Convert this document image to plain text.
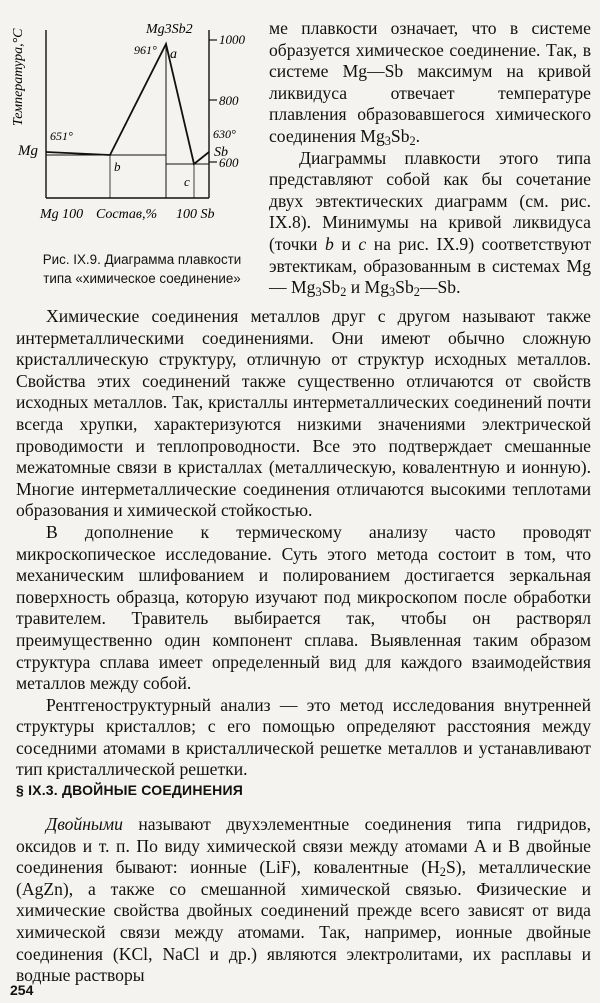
Температура,°С	1000
800
600
Mg3Sb2
961° a
b
c
651°
Mg
630°
Sb
Mg 100 Состав,% 100 Sb

Рис. IX.9. Диаграмма плавкости

типа «химическое соединение»

ме плавкости означает, что в системе образуется химическое соединение. Так, в системе Mg—Sb максимум на кривой ликвидуса отвечает температуре плавления образовавшегося химического соединения $Mg_3Sb_2$.

Диаграммы плавкости этого типа представляют собой как бы сочетание двух эвтектических диаграмм (см. рис. IX.8). Минимумы на кривой ликвидуса (точки b и c на рис. IX.9) соответствуют эвтектикам, образованным в системах Mg — $Mg_3Sb_2$ и $Mg_3Sb_2—Sb$.

Химические соединения металлов друг с другом называют также интерметаллическими соединениями. Они имеют обычно сложную кристаллическую структуру, отличную от структур исходных металлов. Свойства этих соединений также существенно отличаются от свойств исходных металлов. Так, кристаллы интерметаллических соединений почти всегда хрупки, характеризуются низкими значениями электрической проводимости и теплопроводности. Все это подтверждает смешанные межатомные связи в кристаллах (металлическую, ковалентную и ионную). Многие интерметаллические соединения отличаются высокими теплотами образования и химической стойкостью.

В дополнение к термическому анализу часто проводят микроскопическое исследование. Суть этого метода состоит в том, что механическим шлифованием и полированием достигается зеркальная поверхность образца, которую изучают под микроскопом после обработки травителем. Травитель выбирается так, чтобы он растворял преимущественно один компонент сплава. Выявленная таким образом структура сплава имеет определенный вид для каждого взаимодействия металлов между собой.

Рентгеноструктурный анализ — это метод исследования внутренней структуры кристаллов; с его помощью определяют расстояния между соседними атомами в кристаллической решетке металлов и устанавливают тип кристаллической решетки.

§ IX.3. ДВОЙНЫЕ СОЕДИНЕНИЯ

Двойными называют двухэлементные соединения типа гидридов, оксидов и т. п. По виду химической связи между атомами A и B двойные соединения бывают: ионные (LiF), ковалентные $(H_2S)$, металлические (AgZn), а также со смешанной химической связью. Физические и химические свойства двойных соединений прежде всего зависят от вида химической связи между атомами. Так, например, ионные двойные соединения (KCl, NaCl и др.) являются электролитами, их расплавы и водные растворы

254
